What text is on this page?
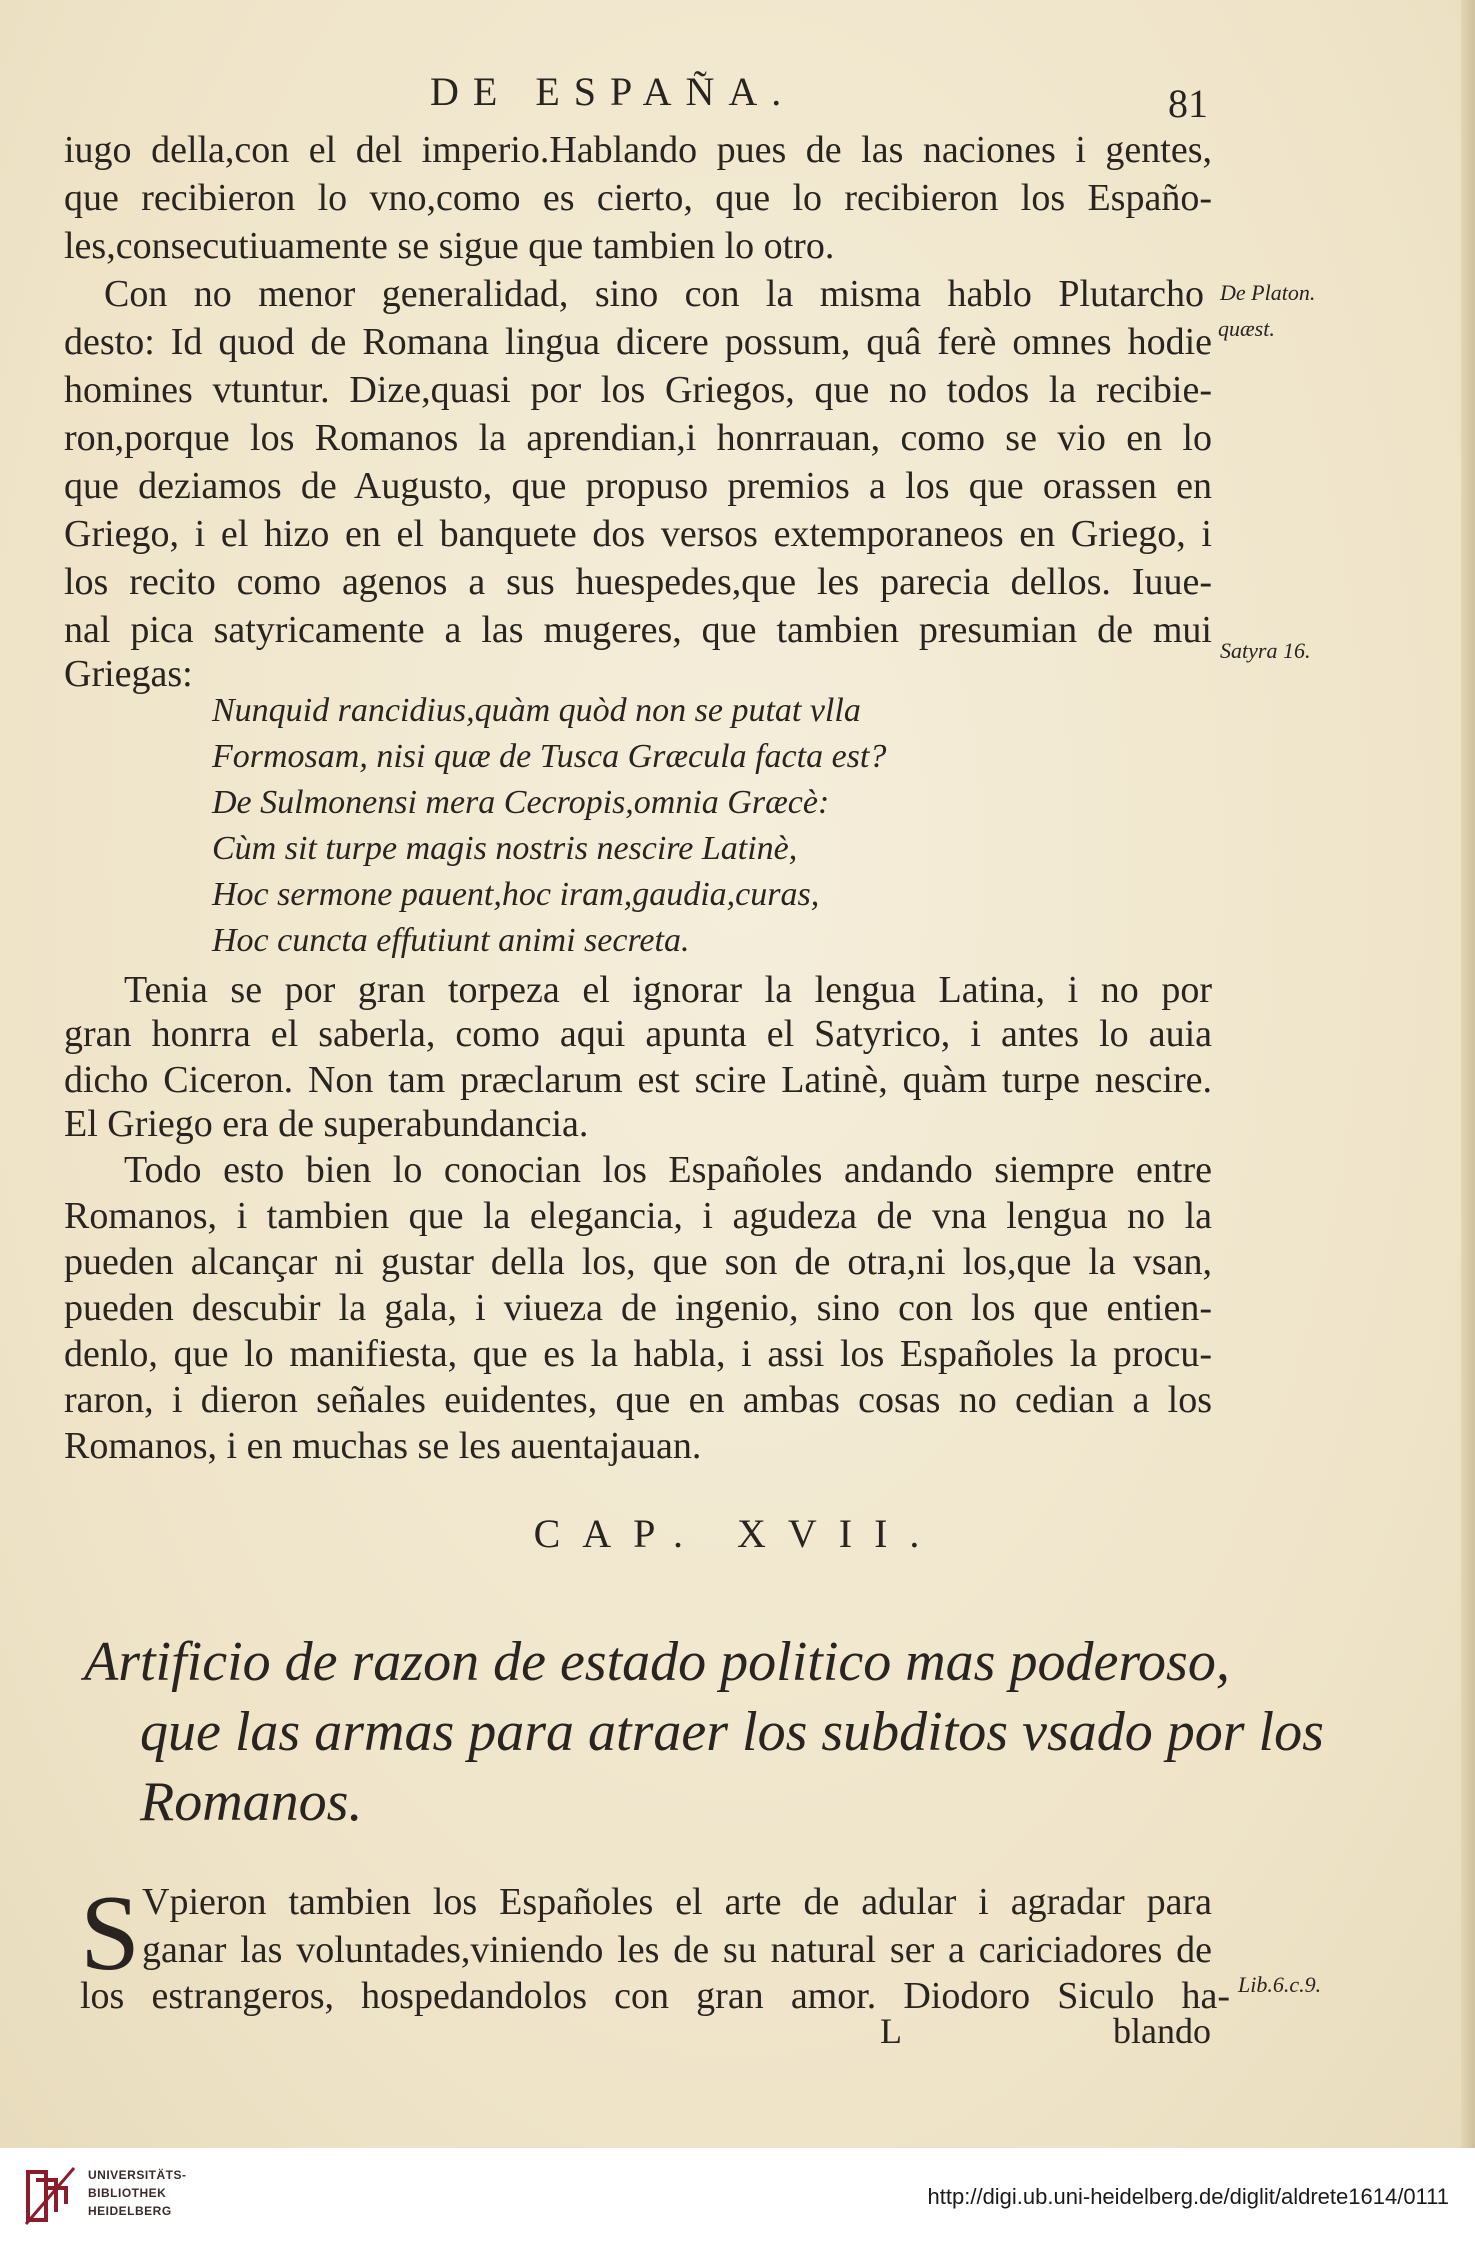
DE ESPAÑA.	81
iugo della,con el del imperio.Hablando pues de las naciones i gentes,
que recibieron lo vno,como es cierto, que lo recibieron los Españo-
les,consecutiuamente se sigue que tambien lo otro.
Con no menor generalidad, sino con la misma hablo Plutarcho
desto: Id quod de Romana lingua dicere possum, quâ ferè omnes hodie
homines vtuntur. Dize,quasi por los Griegos, que no todos la recibie-
ron,porque los Romanos la aprendian,i honrrauan, como se vio en lo
que deziamos de Augusto, que propuso premios a los que orassen en
Griego, i el hizo en el banquete dos versos extemporaneos en Griego, i
los recito como agenos a sus huespedes,que les parecia dellos. Iuue-
nal pica satyricamente a las mugeres, que tambien presumian de mui
Griegas:
De Platon.
quæst.
Satyra 16.
Lib.6.c.9.
Nunquid rancidius,quàm quòd non se putat vlla
Formosam, nisi quæ de Tusca Græcula facta est?
De Sulmonensi mera Cecropis,omnia Græcè:
Cùm sit turpe magis nostris nescire Latinè,
Hoc sermone pauent,hoc iram,gaudia,curas,
Hoc cuncta effutiunt animi secreta.
Tenia se por gran torpeza el ignorar la lengua Latina, i no por
gran honrra el saberla, como aqui apunta el Satyrico, i antes lo auia
dicho Ciceron. Non tam præclarum est scire Latinè, quàm turpe nescire.
El Griego era de superabundancia.
Todo esto bien lo conocian los Españoles andando siempre entre
Romanos, i tambien que la elegancia, i agudeza de vna lengua no la
pueden alcançar ni gustar della los, que son de otra,ni los,que la vsan,
pueden descubir la gala, i viueza de ingenio, sino con los que entien-
denlo, que lo manifiesta, que es la habla, i assi los Españoles la procu-
raron, i dieron señales euidentes, que en ambas cosas no cedian a los
Romanos, i en muchas se les auentajauan.
CAP. XVII.
Artificio de razon de estado politico mas poderoso,
que las armas para atraer los subditos vsado por los
Romanos.
S Vpieron tambien los Españoles el arte de adular i agradar para
ganar las voluntades,viniendo les de su natural ser a cariciadores de
los estrangeros, hospedandolos con gran amor. Diodoro Siculo ha-
L	blando
UNIVERSITÄTS-
BIBLIOTHEK
HEIDELBERG
http://digi.ub.uni-heidelberg.de/diglit/aldrete1614/0111
